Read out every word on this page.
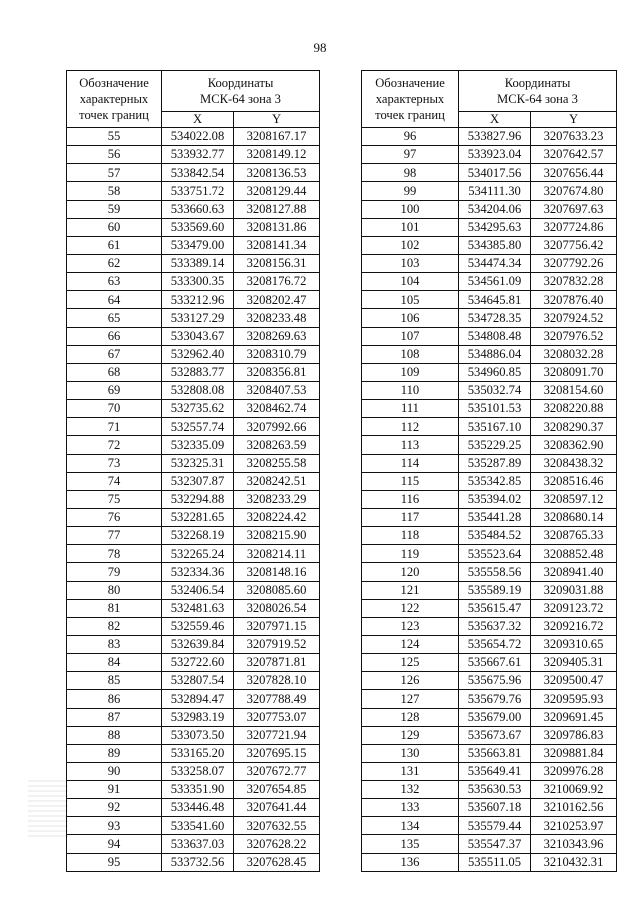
98
Обозначение
характерных
точек границ	Координаты
МСК-64 зона 3	

	X	Y
55	534022.08	3208167.17
56	533932.77	3208149.12
57	533842.54	3208136.53
58	533751.72	3208129.44
59	533660.63	3208127.88
60	533569.60	3208131.86
61	533479.00	3208141.34
62	533389.14	3208156.31
63	533300.35	3208176.72
64	533212.96	3208202.47
65	533127.29	3208233.48
66	533043.67	3208269.63
67	532962.40	3208310.79
68	532883.77	3208356.81
69	532808.08	3208407.53
70	532735.62	3208462.74
71	532557.74	3207992.66
72	532335.09	3208263.59
73	532325.31	3208255.58
74	532307.87	3208242.51
75	532294.88	3208233.29
76	532281.65	3208224.42
77	532268.19	3208215.90
78	532265.24	3208214.11
79	532334.36	3208148.16
80	532406.54	3208085.60
81	532481.63	3208026.54
82	532559.46	3207971.15
83	532639.84	3207919.52
84	532722.60	3207871.81
85	532807.54	3207828.10
86	532894.47	3207788.49
87	532983.19	3207753.07
88	533073.50	3207721.94
89	533165.20	3207695.15
90	533258.07	3207672.77
91	533351.90	3207654.85
92	533446.48	3207641.44
93	533541.60	3207632.55
94	533637.03	3207628.22
95	533732.56	3207628.45
Обозначение
характерных
точек границ	Координаты
МСК-64 зона 3	

	X	Y
96	533827.96	3207633.23
97	533923.04	3207642.57
98	534017.56	3207656.44
99	534111.30	3207674.80
100	534204.06	3207697.63
101	534295.63	3207724.86
102	534385.80	3207756.42
103	534474.34	3207792.26
104	534561.09	3207832.28
105	534645.81	3207876.40
106	534728.35	3207924.52
107	534808.48	3207976.52
108	534886.04	3208032.28
109	534960.85	3208091.70
110	535032.74	3208154.60
111	535101.53	3208220.88
112	535167.10	3208290.37
113	535229.25	3208362.90
114	535287.89	3208438.32
115	535342.85	3208516.46
116	535394.02	3208597.12
117	535441.28	3208680.14
118	535484.52	3208765.33
119	535523.64	3208852.48
120	535558.56	3208941.40
121	535589.19	3209031.88
122	535615.47	3209123.72
123	535637.32	3209216.72
124	535654.72	3209310.65
125	535667.61	3209405.31
126	535675.96	3209500.47
127	535679.76	3209595.93
128	535679.00	3209691.45
129	535673.67	3209786.83
130	535663.81	3209881.84
131	535649.41	3209976.28
132	535630.53	3210069.92
133	535607.18	3210162.56
134	535579.44	3210253.97
135	535547.37	3210343.96
136	535511.05	3210432.31
